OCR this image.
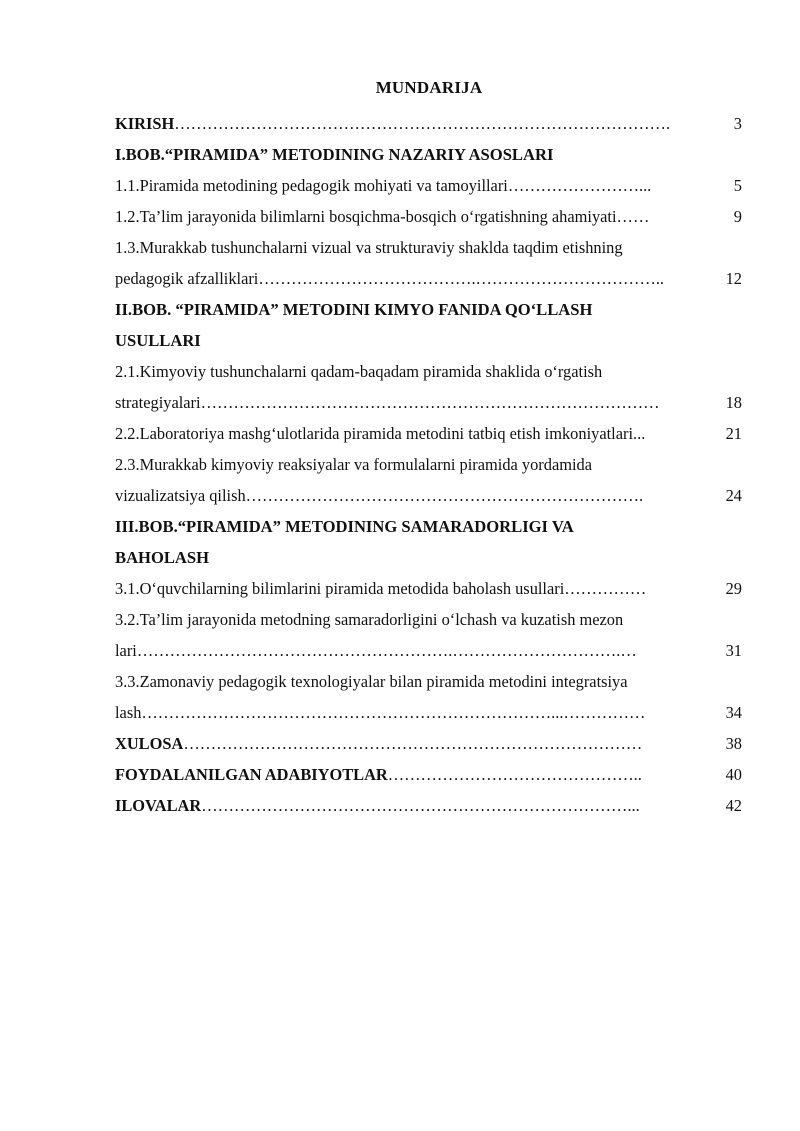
MUNDARIJA
KIRISH ……………………………………………………………………………….	3
I.BOB.“PIRAMIDA” METODINING NAZARIY ASOSLARI
1.1.Piramida metodining pedagogik mohiyati va tamoyillari ……………………...	5
1.2.Ta’lim jarayonida bilimlarni bosqichma-bosqich o‘rgatishning ahamiyati ……	9
1.3.Murakkab tushunchalarni vizual va strukturaviy shaklda taqdim etishning
pedagogik afzalliklari ………………………………….……………………………..	12
II.BOB. “PIRAMIDA” METODINI KIMYO FANIDA QO‘LLASH
USULLARI
2.1.Kimyoviy tushunchalarni qadam-baqadam piramida shaklida o‘rgatish
strategiyalari …………………………………………………………………………	18
2.2.Laboratoriya mashg‘ulotlarida piramida metodini tatbiq etish imkoniyatlari ...	21
2.3.Murakkab kimyoviy reaksiyalar va formulalarni piramida yordamida
vizualizatsiya qilish ……………………………………………………………….	24
III.BOB.“PIRAMIDA” METODINING SAMARADORLIGI VA
BAHOLASH
3.1.O‘quvchilarning bilimlarini piramida metodida baholash usullari ……………	29
3.2.Ta’lim jarayonida metodning samaradorligini o‘lchash va kuzatish mezon
lari ………………………………………………….………………………….…	31
3.3.Zamonaviy pedagogik texnologiyalar bilan piramida metodini integratsiya
lash …………………………………………………………………...……………	34
XULOSA …………………………………………………………………………	38
FOYDALANILGAN ADABIYOTLAR ………………………………………..	40
ILOVALAR ……………………………………………………………………...	42
